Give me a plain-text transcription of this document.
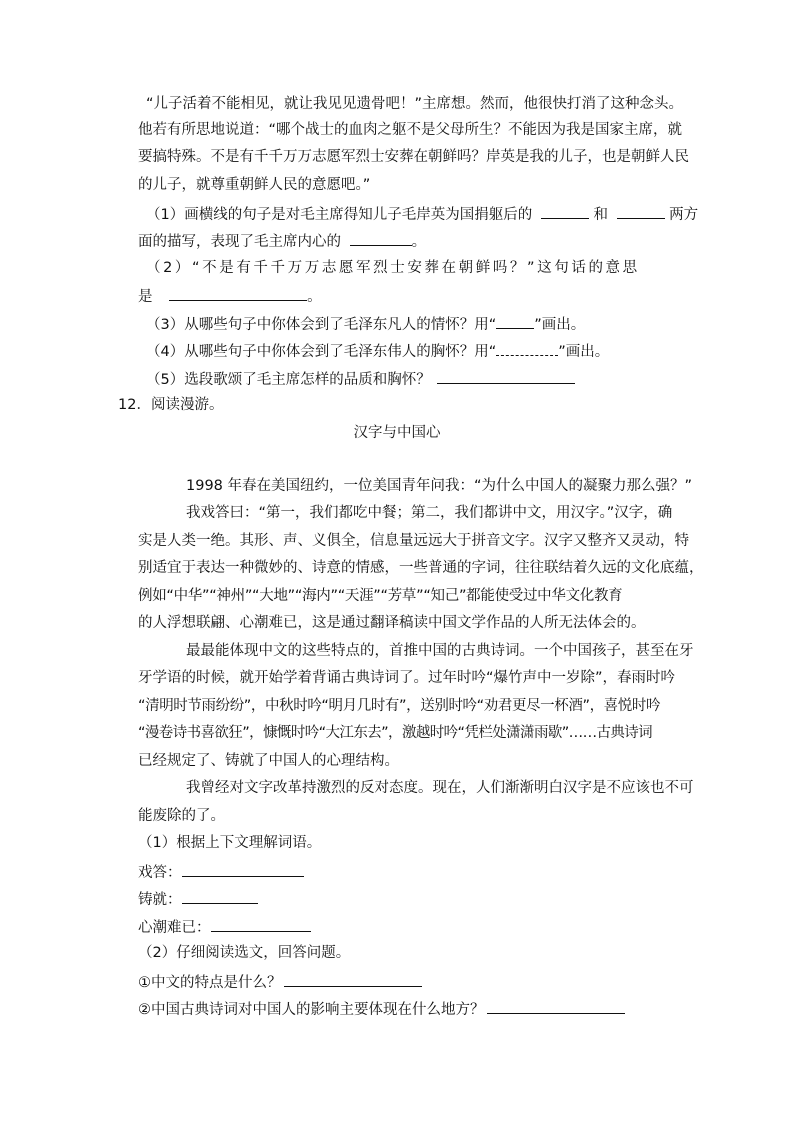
“儿子活着不能相见，就让我见见遗骨吧！”主席想。然而，他很快打消了这种念头。
他若有所思地说道：“哪个战士的血肉之躯不是父母所生？不能因为我是国家主席，就
要搞特殊。不是有千千万万志愿军烈士安葬在朝鲜吗？岸英是我的儿子，也是朝鲜人民
的儿子，就尊重朝鲜人民的意愿吧。”
（1）画横线的句子是对毛主席得知儿子毛岸英为国捐躯后的	和	两方
面的描写，表现了毛主席内心的	。
（2）“不是有千千万万志愿军烈士安葬在朝鲜吗？”这句话的意思
是	。
（3）从哪些句子中你体会到了毛泽东凡人的情怀？用“	”画出。
（4）从哪些句子中你体会到了毛泽东伟人的胸怀？用“	”画出。
（5）选段歌颂了毛主席怎样的品质和胸怀？
12．阅读漫游。
汉字与中国心
1998 年春在美国纽约，一位美国青年问我：“为什么中国人的凝聚力那么强？”
我戏答曰：“第一，我们都吃中餐；第二，我们都讲中文，用汉字。”汉字，确
实是人类一绝。其形、声、义俱全，信息量远远大于拼音文字。汉字又整齐又灵动，特
别适宜于表达一种微妙的、诗意的情感，一些普通的字词，往往联结着久远的文化底蕴，
例如“中华”“神州”“大地”“海内”“天涯”“芳草”“知己”都能使受过中华文化教育
的人浮想联翩、心潮难已，这是通过翻译稿读中国文学作品的人所无法体会的。
最最能体现中文的这些特点的，首推中国的古典诗词。一个中国孩子，甚至在牙
牙学语的时候，就开始学着背诵古典诗词了。过年时吟“爆竹声中一岁除”，春雨时吟
“清明时节雨纷纷”，中秋时吟“明月几时有”，送别时吟“劝君更尽一杯酒”，喜悦时吟
“漫卷诗书喜欲狂”，慷慨时吟“大江东去”，激越时吟“凭栏处潇潇雨歇”……古典诗词
已经规定了、铸就了中国人的心理结构。
我曾经对文字改革持激烈的反对态度。现在，人们渐渐明白汉字是不应该也不可
能废除的了。
（1）根据上下文理解词语。
戏答：
铸就：
心潮难已：
（2）仔细阅读选文，回答问题。
①中文的特点是什么？
②中国古典诗词对中国人的影响主要体现在什么地方？
